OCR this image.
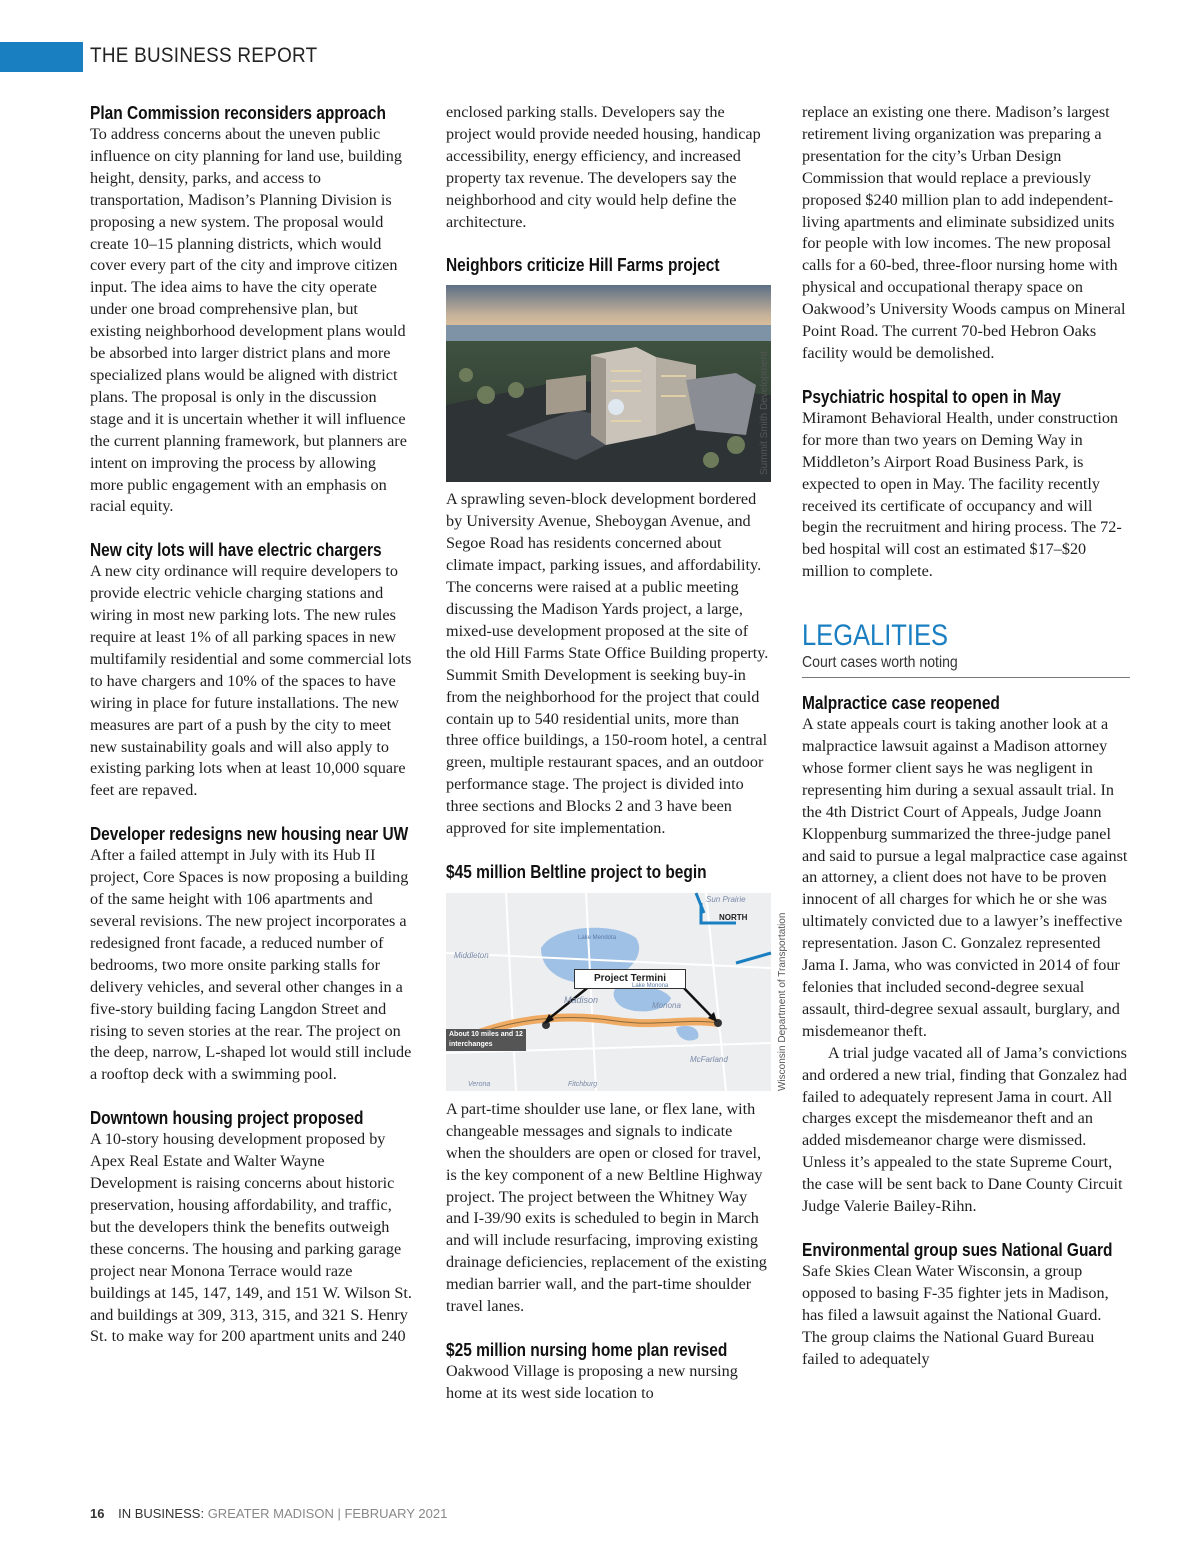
THE BUSINESS REPORT
Plan Commission reconsiders approach

To address concerns about the uneven public influence on city planning for land use, building height, density, parks, and access to transportation, Madison’s Planning Division is proposing a new system. The proposal would create 10–15 planning districts, which would cover every part of the city and improve citizen input. The idea aims to have the city operate under one broad comprehensive plan, but existing neighborhood development plans would be absorbed into larger district plans and more specialized plans would be aligned with district plans. The proposal is only in the discussion stage and it is uncertain whether it will influence the current planning framework, but planners are intent on improving the process by allowing more public engagement with an emphasis on racial equity.

New city lots will have electric chargers

A new city ordinance will require developers to provide electric vehicle charging stations and wiring in most new parking lots. The new rules require at least 1% of all parking spaces in new multifamily residential and some commercial lots to have chargers and 10% of the spaces to have wiring in place for future installations. The new measures are part of a push by the city to meet new sustainability goals and will also apply to existing parking lots when at least 10,000 square feet are repaved.

Developer redesigns new housing near UW

After a failed attempt in July with its Hub II project, Core Spaces is now proposing a building of the same height with 106 apartments and several revisions. The new project incorporates a redesigned front facade, a reduced number of bedrooms, two more onsite parking stalls for delivery vehicles, and several other changes in a five-story building facing Langdon Street and rising to seven stories at the rear. The project on the deep, narrow, L-shaped lot would still include a rooftop deck with a swimming pool.

Downtown housing project proposed

A 10-story housing development proposed by Apex Real Estate and Walter Wayne Development is raising concerns about historic preservation, housing affordability, and traffic, but the developers think the benefits outweigh these concerns. The housing and parking garage project near Monona Terrace would raze buildings at 145, 147, 149, and 151 W. Wilson St. and buildings at 309, 313, 315, and 321 S. Henry St. to make way for 200 apartment units and 240

enclosed parking stalls. Developers say the project would provide needed housing, handicap accessibility, energy efficiency, and increased property tax revenue. The developers say the neighborhood and city would help define the architecture.

Neighbors criticize Hill Farms project
Summit Smith Development

A sprawling seven-block development bordered by University Avenue, Sheboygan Avenue, and Segoe Road has residents concerned about climate impact, parking issues, and affordability. The concerns were raised at a public meeting discussing the Madison Yards project, a large, mixed-use development proposed at the site of the old Hill Farms State Office Building property. Summit Smith Development is seeking buy-in from the neighborhood for the project that could contain up to 540 residential units, more than three office buildings, a 150-room hotel, a central green, multiple restaurant spaces, and an outdoor performance stage. The project is divided into three sections and Blocks 2 and 3 have been approved for site implementation.

$45 million Beltline project to begin
Project Termini
About 10 miles and 12 interchanges
NORTH
Sun Prairie
Middleton
Madison
Monona
McFarland
Verona	Fitchburg
Lake Mendota
Lake Monona	Wisconsin Department of Transportation

A part-time shoulder use lane, or flex lane, with changeable messages and signals to indicate when the shoulders are open or closed for travel, is the key component of a new Beltline Highway project. The project between the Whitney Way and I-39/90 exits is scheduled to begin in March and will include resurfacing, improving existing drainage deficiencies, replacement of the existing median barrier wall, and the part-time shoulder travel lanes.

$25 million nursing home plan revised

Oakwood Village is proposing a new nursing home at its west side location to

replace an existing one there. Madison’s largest retirement living organization was preparing a presentation for the city’s Urban Design Commission that would replace a previously proposed $240 million plan to add independent-living apartments and eliminate subsidized units for people with low incomes. The new proposal calls for a 60-bed, three-floor nursing home with physical and occupational therapy space on Oakwood’s University Woods campus on Mineral Point Road. The current 70-bed Hebron Oaks facility would be demolished.

Psychiatric hospital to open in May

Miramont Behavioral Health, under construction for more than two years on Deming Way in Middleton’s Airport Road Business Park, is expected to open in May. The facility recently received its certificate of occupancy and will begin the recruitment and hiring process. The 72-bed hospital will cost an estimated $17–$20 million to complete.

LEGALITIES
Court cases worth noting
Malpractice case reopened

A state appeals court is taking another look at a malpractice lawsuit against a Madison attorney whose former client says he was negligent in representing him during a sexual assault trial. In the 4th District Court of Appeals, Judge Joann Kloppenburg summarized the three-judge panel and said to pursue a legal malpractice case against an attorney, a client does not have to be proven innocent of all charges for which he or she was ultimately convicted due to a lawyer’s ineffective representation. Jason C. Gonzalez represented Jama I. Jama, who was convicted in 2014 of four felonies that included second-degree sexual assault, third-degree sexual assault, burglary, and misdemeanor theft.

A trial judge vacated all of Jama’s convictions and ordered a new trial, finding that Gonzalez had failed to adequately represent Jama in court. All charges except the misdemeanor theft and an added misdemeanor charge were dismissed. Unless it’s appealed to the state Supreme Court, the case will be sent back to Dane County Circuit Judge Valerie Bailey-Rihn.

Environmental group sues National Guard

Safe Skies Clean Water Wisconsin, a group opposed to basing F-35 fighter jets in Madison, has filed a lawsuit against the National Guard. The group claims the National Guard Bureau failed to adequately

16 IN BUSINESS: GREATER MADISON | FEBRUARY 2021
